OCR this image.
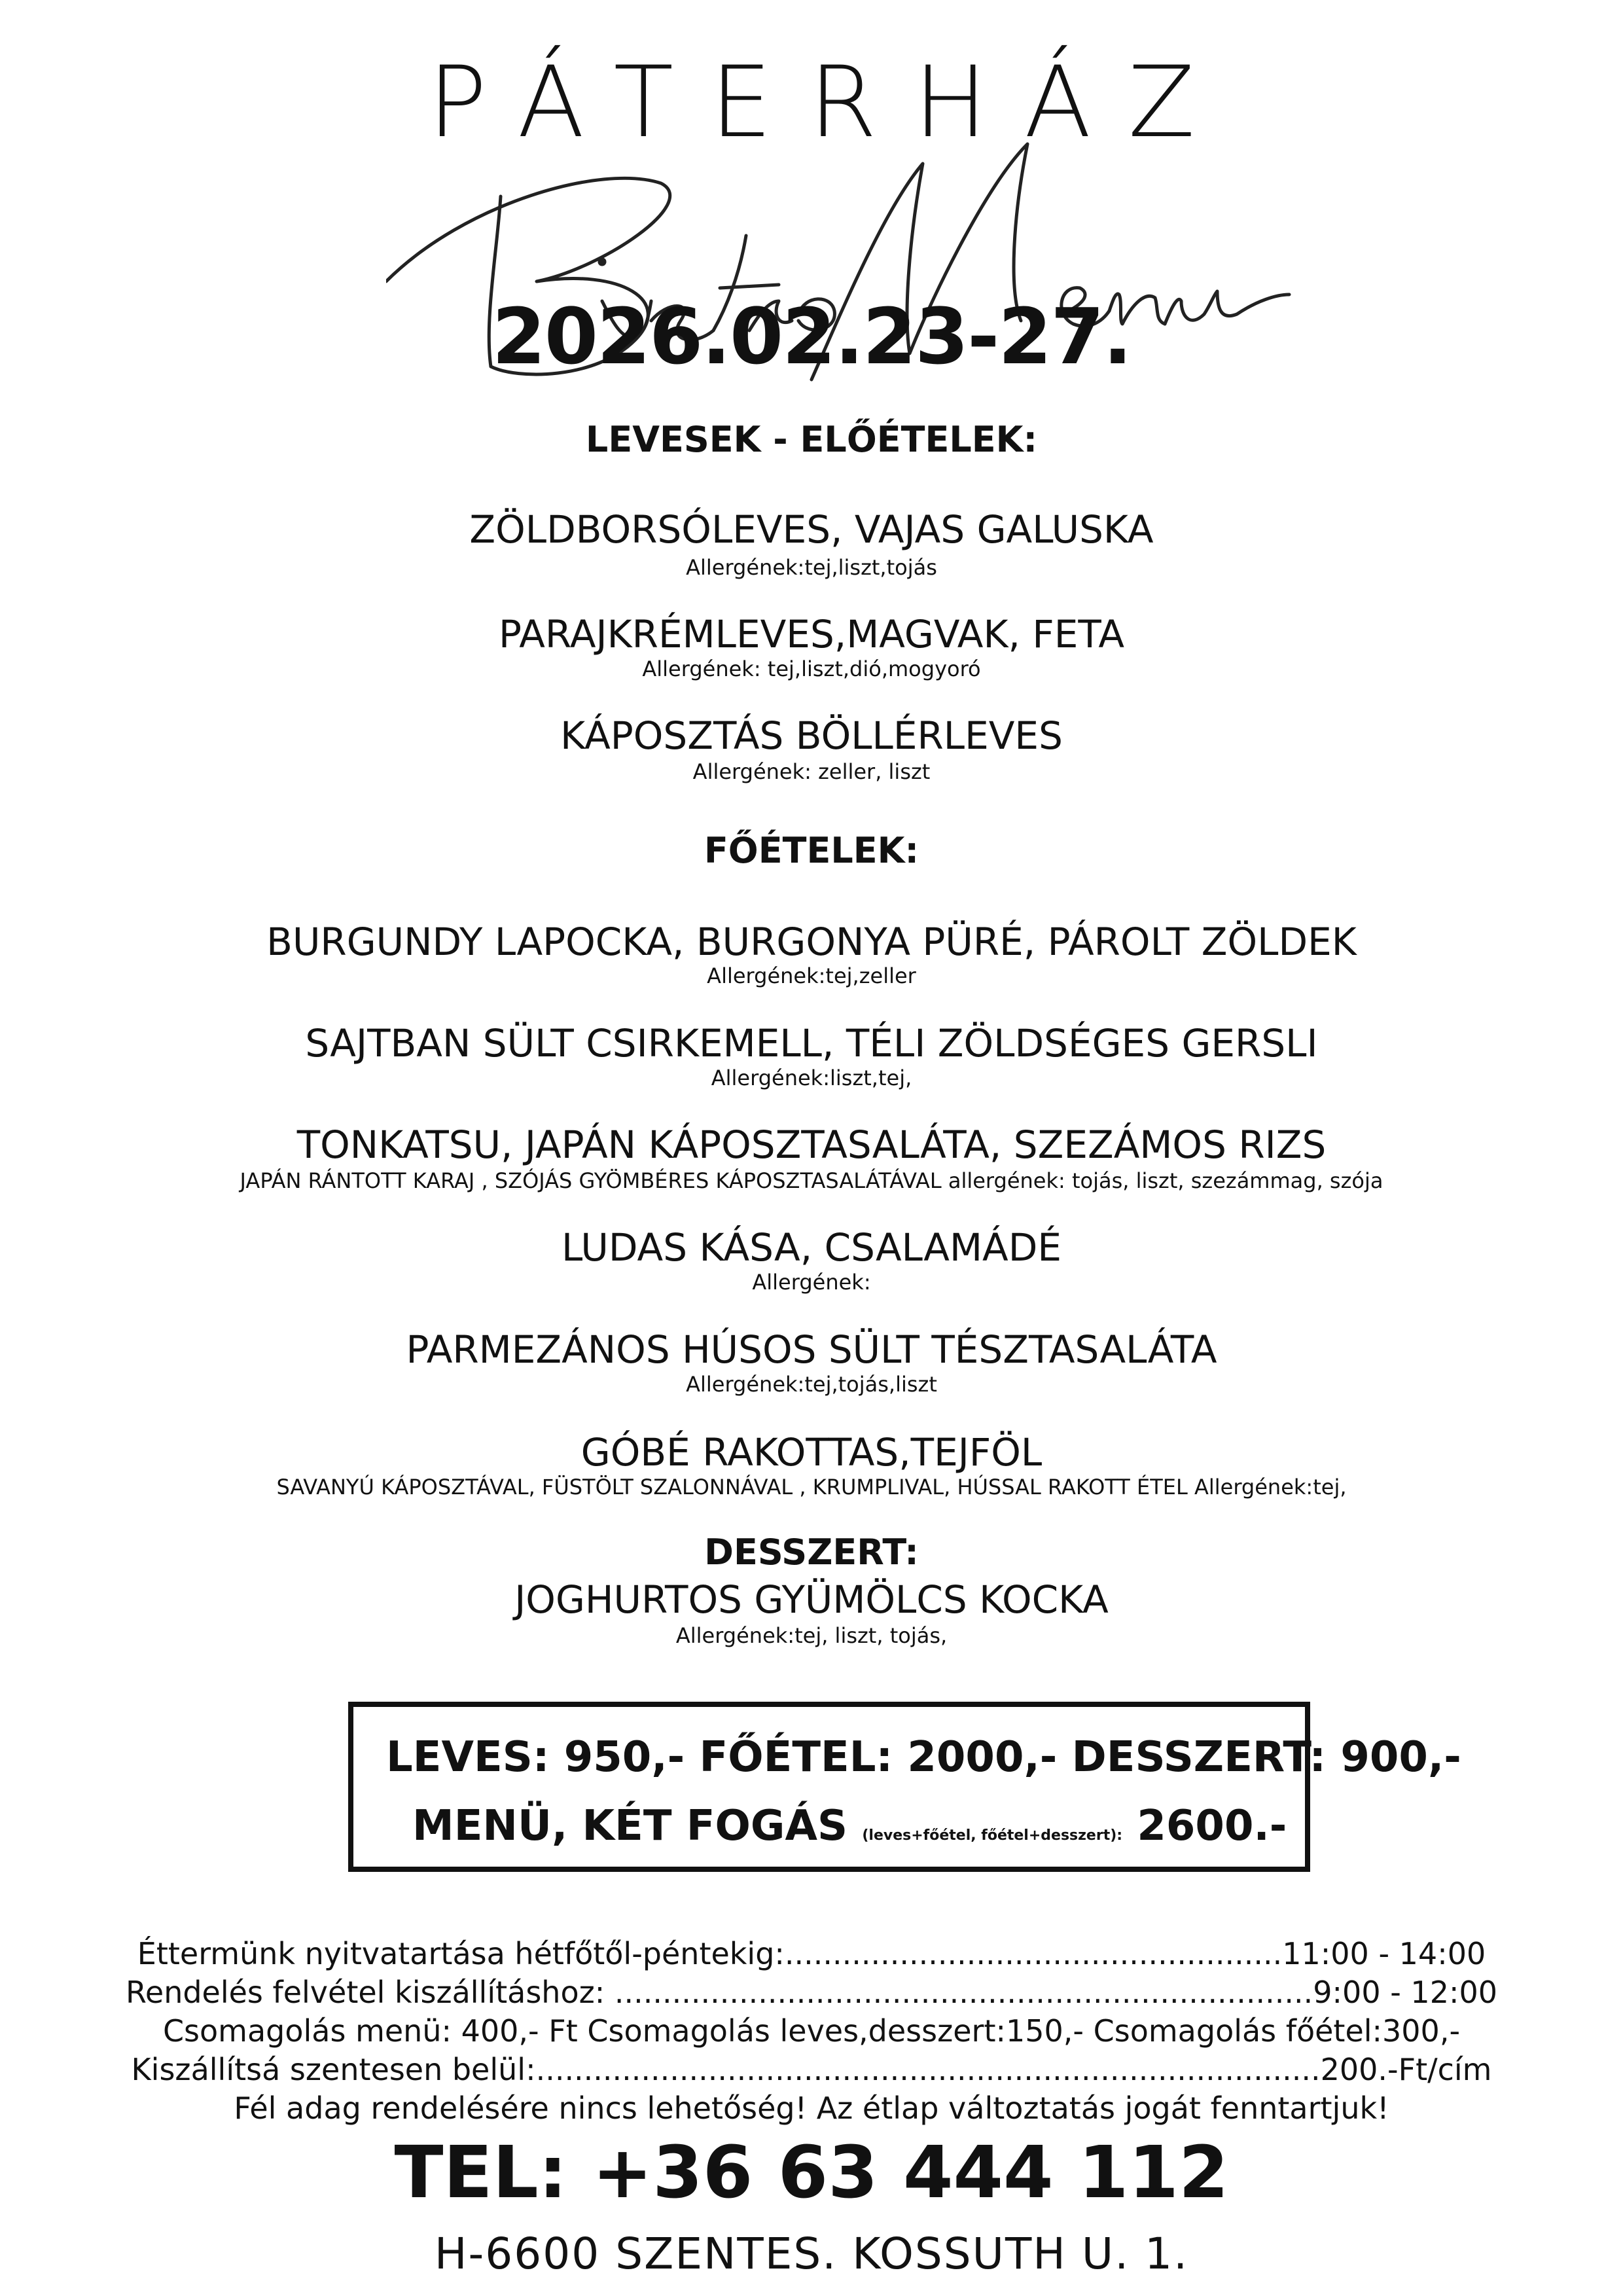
PÁTERHÁZ
2026.02.23-27.
LEVESEK - ELŐÉTELEK:
ZÖLDBORSÓLEVES, VAJAS GALUSKA
Allergének:tej,liszt,tojás
PARAJKRÉMLEVES,MAGVAK, FETA
Allergének: tej,liszt,dió,mogyoró
KÁPOSZTÁS BÖLLÉRLEVES
Allergének: zeller, liszt
FŐÉTELEK:
BURGUNDY LAPOCKA, BURGONYA PÜRÉ, PÁROLT ZÖLDEK
Allergének:tej,zeller
SAJTBAN SÜLT CSIRKEMELL, TÉLI ZÖLDSÉGES GERSLI
Allergének:liszt,tej,
TONKATSU, JAPÁN KÁPOSZTASALÁTA, SZEZÁMOS RIZS
JAPÁN RÁNTOTT KARAJ , SZÓJÁS GYÖMBÉRES KÁPOSZTASALÁTÁVAL allergének: tojás, liszt, szezámmag, szója
LUDAS KÁSA, CSALAMÁDÉ
Allergének:
PARMEZÁNOS HÚSOS SÜLT TÉSZTASALÁTA
Allergének:tej,tojás,liszt
GÓBÉ RAKOTTAS,TEJFÖL
SAVANYÚ KÁPOSZTÁVAL, FÜSTÖLT SZALONNÁVAL , KRUMPLIVAL, HÚSSAL RAKOTT ÉTEL Allergének:tej,
DESSZERT:
JOGHURTOS GYÜMÖLCS KOCKA
Allergének:tej, liszt, tojás,
LEVES: 950,- FŐÉTEL: 2000,- DESSZERT: 900,-
MENÜ, KÉT FOGÁS (leves+főétel, főétel+desszert): 2600.-
Éttermünk nyitvatartása hétfőtől-péntekig:....................................................11:00 - 14:00
Rendelés felvétel kiszállításhoz: .........................................................................9:00 - 12:00
Csomagolás menü: 400,- Ft Csomagolás leves,desszert:150,- Csomagolás főétel:300,-
Kiszállítsá szentesen belül:..................................................................................200.-Ft/cím
Fél adag rendelésére nincs lehetőség! Az étlap változtatás jogát fenntartjuk!
TEL: +36 63 444 112
H-6600 SZENTES. KOSSUTH U. 1.
